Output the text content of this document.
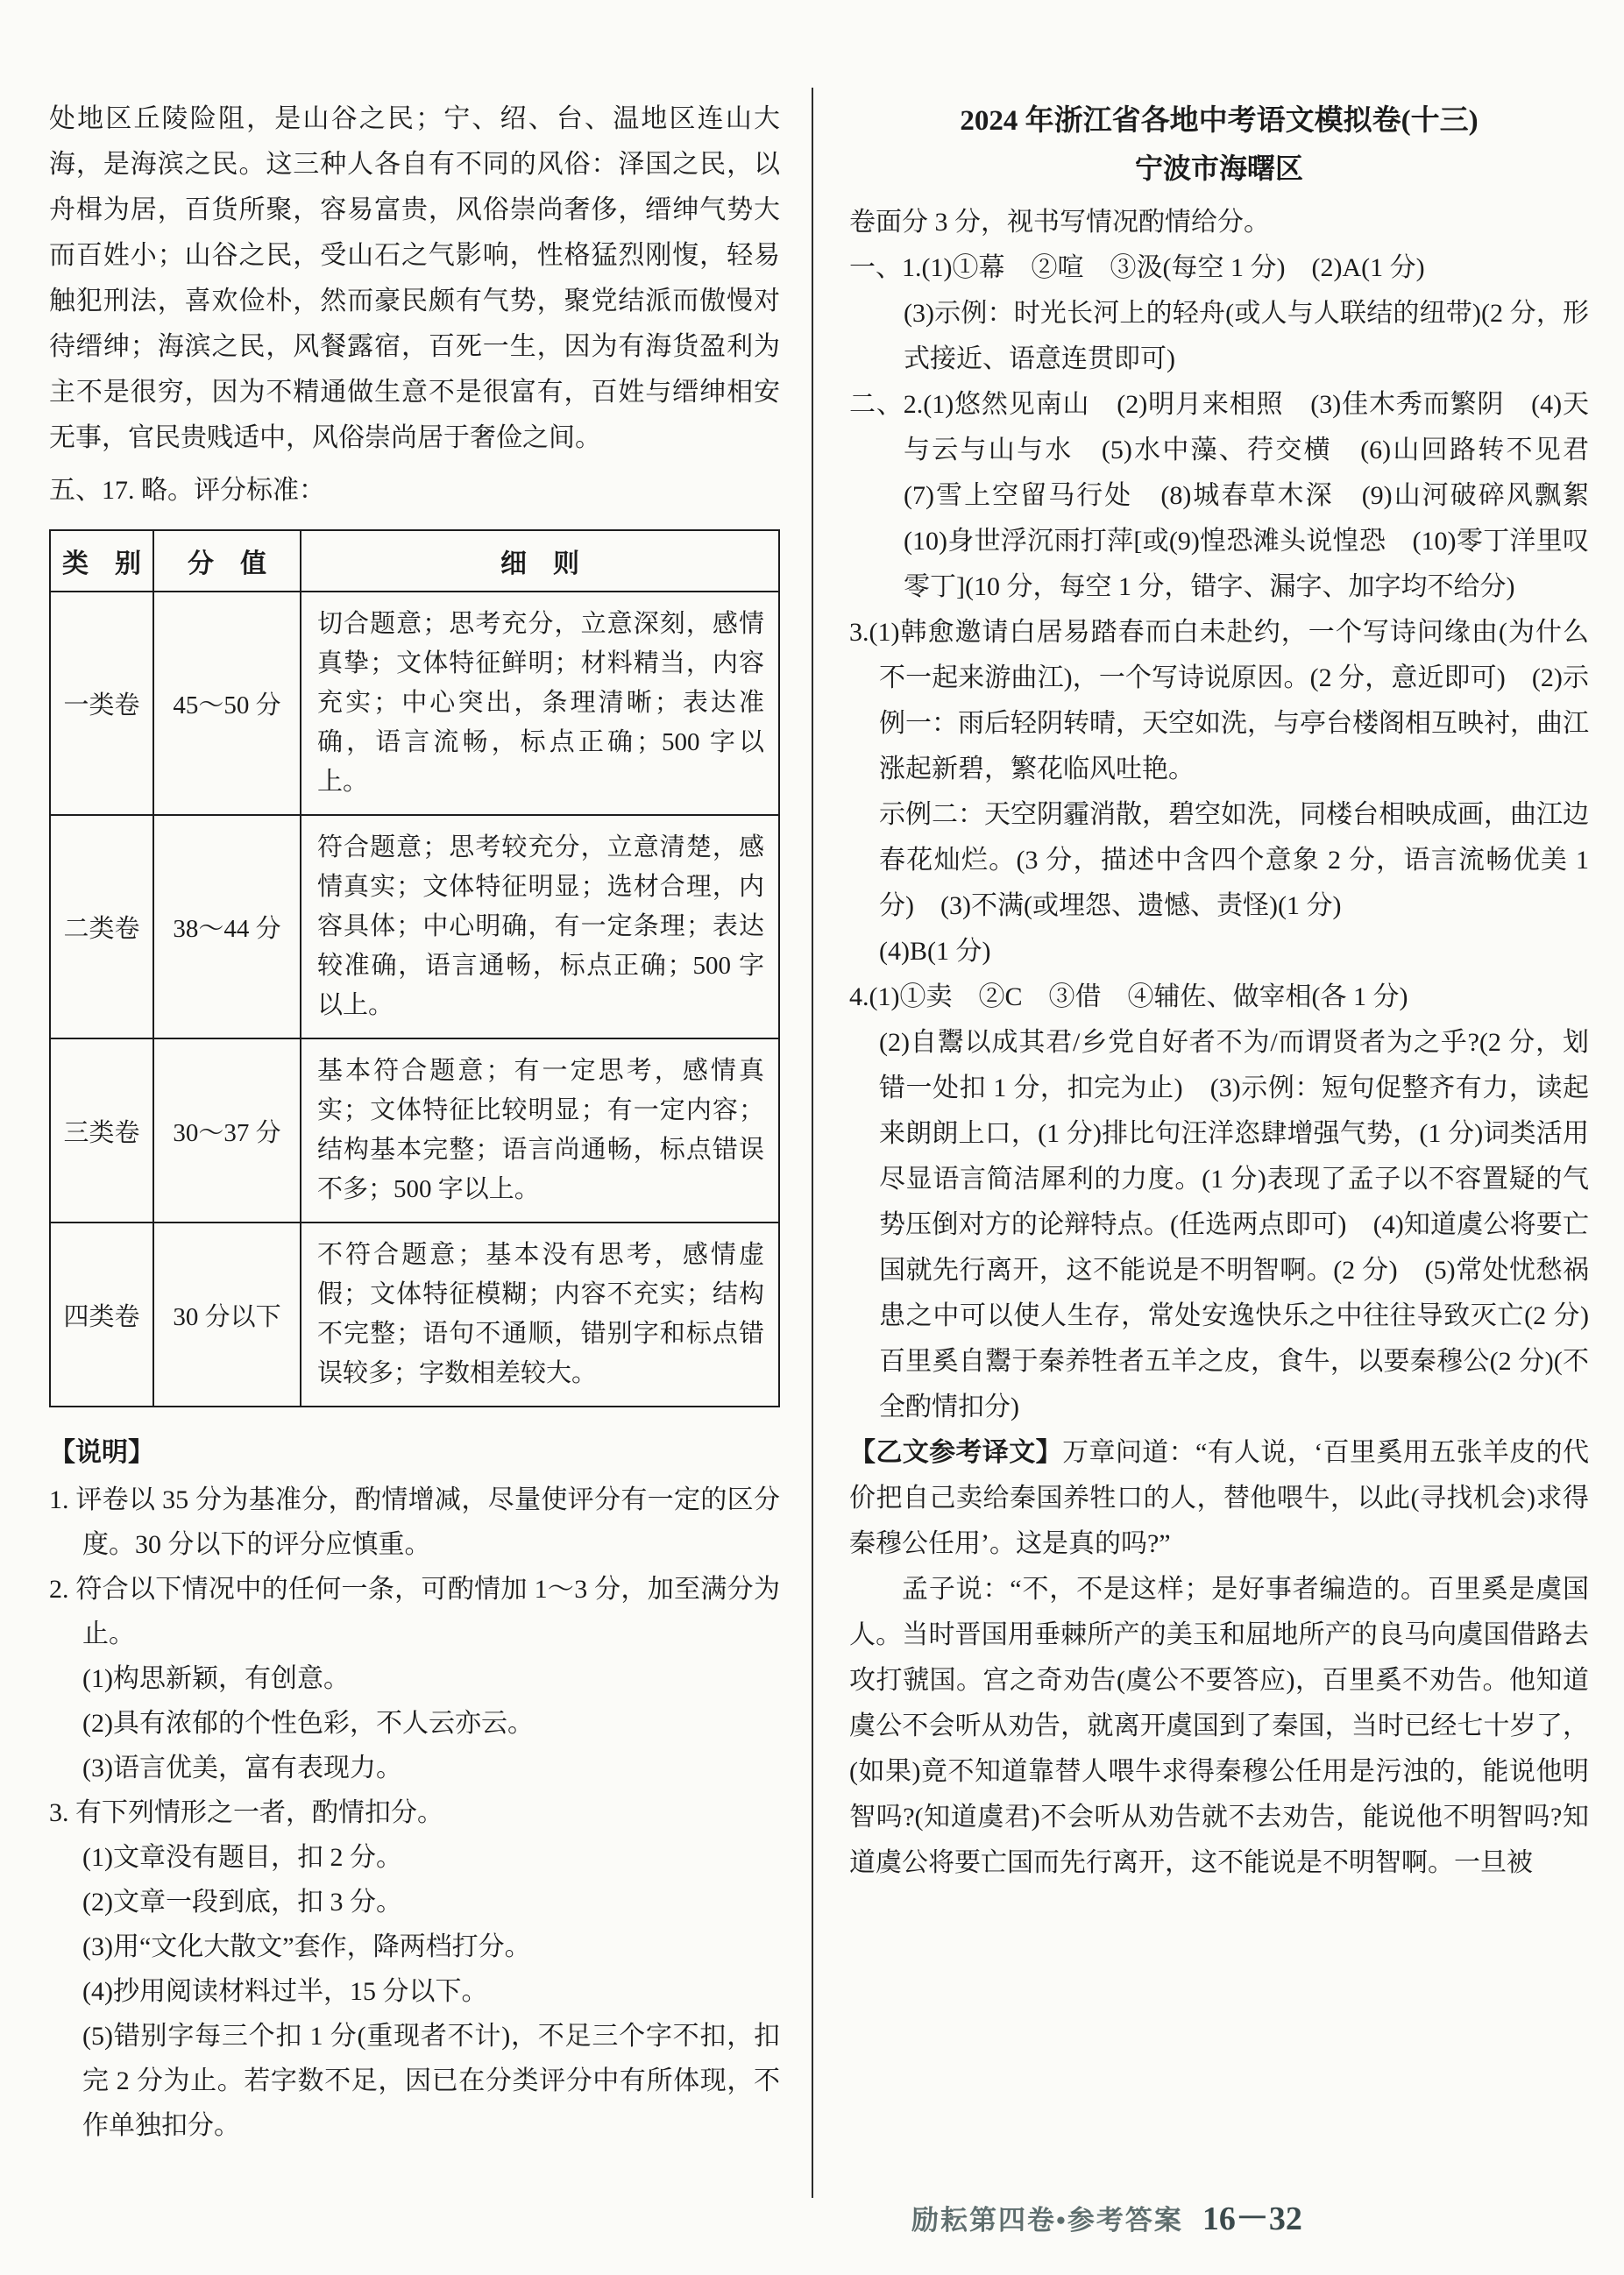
处地区丘陵险阻，是山谷之民；宁、绍、台、温地区连山大海，是海滨之民。这三种人各自有不同的风俗：泽国之民，以舟楫为居，百货所聚，容易富贵，风俗崇尚奢侈，缙绅气势大而百姓小；山谷之民，受山石之气影响，性格猛烈刚愎，轻易触犯刑法，喜欢俭朴，然而豪民颇有气势，聚党结派而傲慢对待缙绅；海滨之民，风餐露宿，百死一生，因为有海货盈利为主不是很穷，因为不精通做生意不是很富有，百姓与缙绅相安无事，官民贵贱适中，风俗崇尚居于奢俭之间。

五、17. 略。评分标准：

类　别	分　值	细　则
一类卷	45～50 分	切合题意；思考充分，立意深刻，感情真挚；文体特征鲜明；材料精当，内容充实；中心突出，条理清晰；表达准确，语言流畅，标点正确；500 字以上。
二类卷	38～44 分	符合题意；思考较充分，立意清楚，感情真实；文体特征明显；选材合理，内容具体；中心明确，有一定条理；表达较准确，语言通畅，标点正确；500 字以上。
三类卷	30～37 分	基本符合题意；有一定思考，感情真实；文体特征比较明显；有一定内容；结构基本完整；语言尚通畅，标点错误不多；500 字以上。
四类卷	30 分以下	不符合题意；基本没有思考，感情虚假；文体特征模糊；内容不充实；结构不完整；语句不通顺，错别字和标点错误较多；字数相差较大。

【说明】

1. 评卷以 35 分为基准分，酌情增减，尽量使评分有一定的区分度。30 分以下的评分应慎重。

2. 符合以下情况中的任何一条，可酌情加 1～3 分，加至满分为止。

(1)构思新颖，有创意。

(2)具有浓郁的个性色彩，不人云亦云。

(3)语言优美，富有表现力。

3. 有下列情形之一者，酌情扣分。

(1)文章没有题目，扣 2 分。

(2)文章一段到底，扣 3 分。

(3)用“文化大散文”套作，降两档打分。

(4)抄用阅读材料过半，15 分以下。

(5)错别字每三个扣 1 分(重现者不计)，不足三个字不扣，扣完 2 分为止。若字数不足，因已在分类评分中有所体现，不作单独扣分。

2024 年浙江省各地中考语文模拟卷(十三)

宁波市海曙区

卷面分 3 分，视书写情况酌情给分。

一、1.(1)①幕　②喧　③汲(每空 1 分)　(2)A(1 分)

(3)示例：时光长河上的轻舟(或人与人联结的纽带)(2 分，形式接近、语意连贯即可)

二、2.(1)悠然见南山　(2)明月来相照　(3)佳木秀而繁阴　(4)天与云与山与水　(5)水中藻、荇交横　(6)山回路转不见君　(7)雪上空留马行处　(8)城春草木深　(9)山河破碎风飘絮　(10)身世浮沉雨打萍[或(9)惶恐滩头说惶恐　(10)零丁洋里叹零丁](10 分，每空 1 分，错字、漏字、加字均不给分)

3.(1)韩愈邀请白居易踏春而白未赴约，一个写诗问缘由(为什么不一起来游曲江)，一个写诗说原因。(2 分，意近即可)　(2)示例一：雨后轻阴转晴，天空如洗，与亭台楼阁相互映衬，曲江涨起新碧，繁花临风吐艳。

示例二：天空阴霾消散，碧空如洗，同楼台相映成画，曲江边春花灿烂。(3 分，描述中含四个意象 2 分，语言流畅优美 1 分)　(3)不满(或埋怨、遗憾、责怪)(1 分)

(4)B(1 分)

4.(1)①卖　②C　③借　④辅佐、做宰相(各 1 分)

(2)自鬻以成其君/乡党自好者不为/而谓贤者为之乎?(2 分，划错一处扣 1 分，扣完为止)　(3)示例：短句促整齐有力，读起来朗朗上口，(1 分)排比句汪洋恣肆增强气势，(1 分)词类活用尽显语言简洁犀利的力度。(1 分)表现了孟子以不容置疑的气势压倒对方的论辩特点。(任选两点即可)　(4)知道虞公将要亡国就先行离开，这不能说是不明智啊。(2 分)　(5)常处忧愁祸患之中可以使人生存，常处安逸快乐之中往往导致灭亡(2 分)　百里奚自鬻于秦养牲者五羊之皮，食牛，以要秦穆公(2 分)(不全酌情扣分)

【乙文参考译文】万章问道：“有人说，‘百里奚用五张羊皮的代价把自己卖给秦国养牲口的人，替他喂牛，以此(寻找机会)求得秦穆公任用’。这是真的吗?”

孟子说：“不，不是这样；是好事者编造的。百里奚是虞国人。当时晋国用垂棘所产的美玉和屈地所产的良马向虞国借路去攻打虢国。宫之奇劝告(虞公不要答应)，百里奚不劝告。他知道虞公不会听从劝告，就离开虞国到了秦国，当时已经七十岁了，(如果)竟不知道靠替人喂牛求得秦穆公任用是污浊的，能说他明智吗?(知道虞君)不会听从劝告就不去劝告，能说他不明智吗?知道虞公将要亡国而先行离开，这不能说是不明智啊。一旦被

励耘第四卷•参考答案 16－32
